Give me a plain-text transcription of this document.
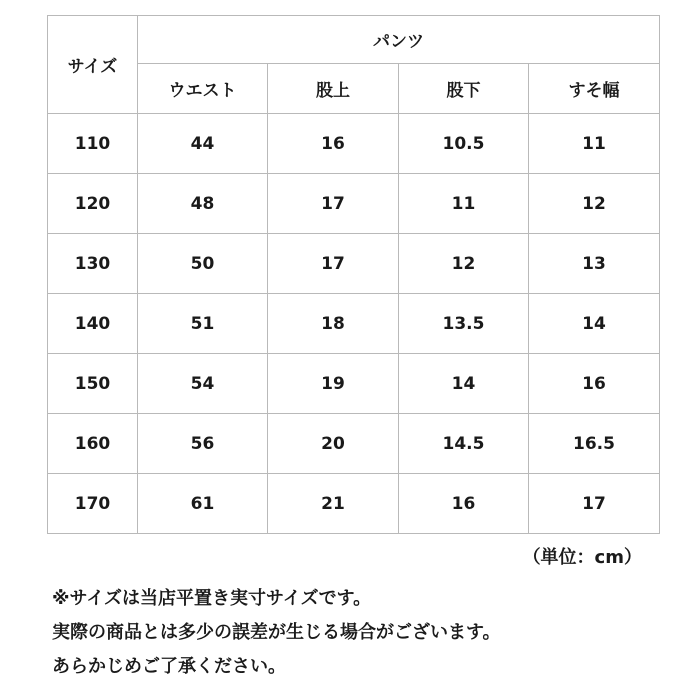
サイズ	パンツ			
	ウエスト	股上	股下	すそ幅
110	44	16	10.5	11
120	48	17	11	12
130	50	17	12	13
140	51	18	13.5	14
150	54	19	14	16
160	56	20	14.5	16.5
170	61	21	16	17
（単位：cm）
※サイズは当店平置き実寸サイズです。
実際の商品とは多少の誤差が生じる場合がございます。
あらかじめご了承ください。
